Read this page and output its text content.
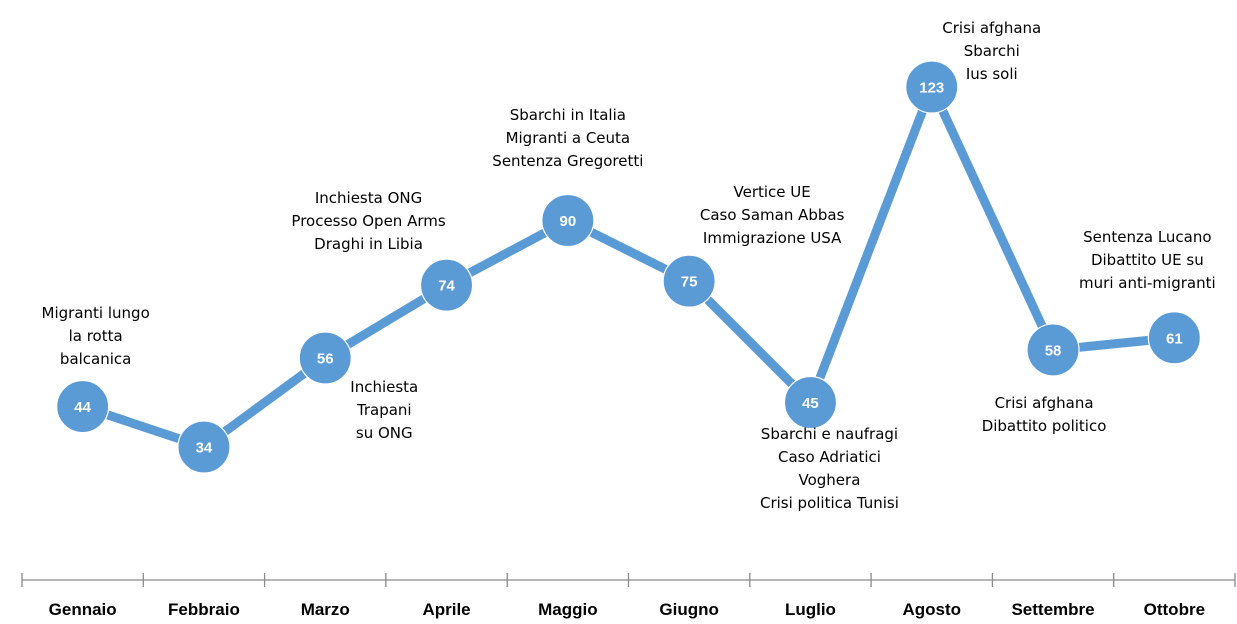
Gennaio	Febbraio	Marzo	Aprile	Maggio	Giugno	Luglio	Agosto	Settembre	Ottobre
44
34
56
74
90
75
45
123
58
61
Migranti lungo la rotta balcanica
Inchiesta Trapani su ONG
Inchiesta ONG Processo Open Arms Draghi in Libia
Sbarchi in Italia Migranti a Ceuta Sentenza Gregoretti
Vertice UE Caso Saman Abbas Immigrazione USA
Sbarchi e naufragi Caso Adriatici Voghera Crisi politica Tunisi
Crisi afghana Sbarchi Ius soli
Crisi afghana Dibattito politico
Sentenza Lucano Dibattito UE su muri anti-migranti
